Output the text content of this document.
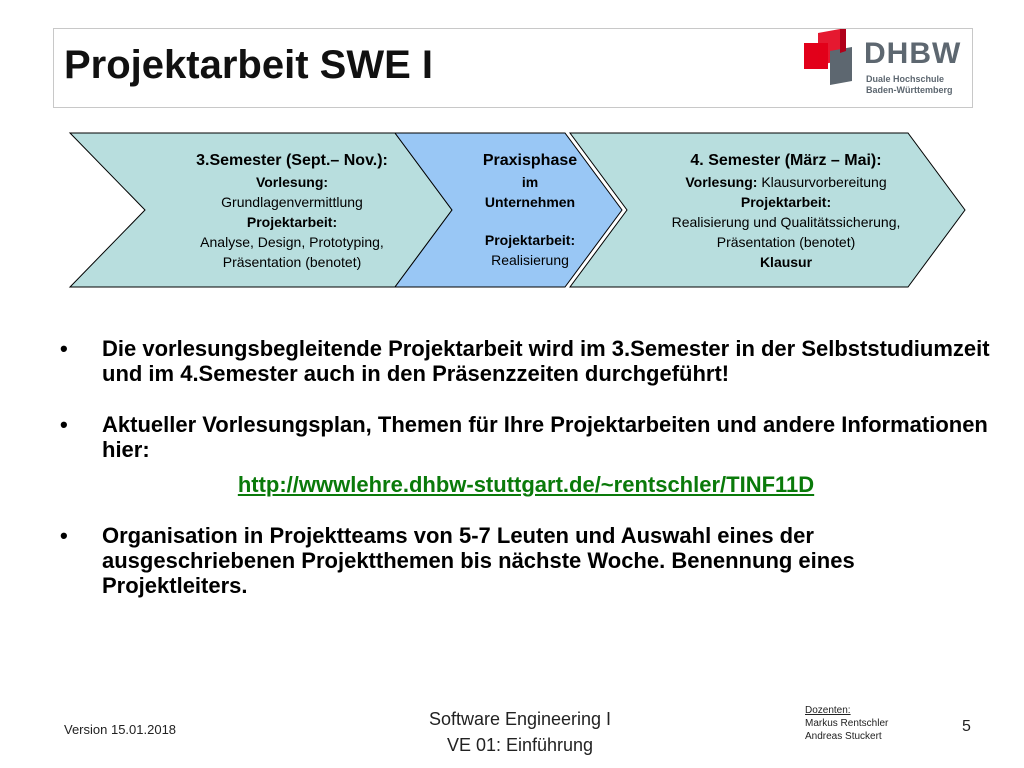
Projektarbeit SWE I	DHBW
Duale Hochschule
Baden-Württemberg
3.Semester (Sept.– Nov.):
Vorlesung:
Grundlagenvermittlung
Projektarbeit:
Analyse, Design, Prototyping,
Präsentation (benotet)
Praxisphase
im
Unternehmen
Projektarbeit:
Realisierung
4. Semester (März – Mai):
Vorlesung: Klausurvorbereitung
Projektarbeit:
Realisierung und Qualitätssicherung,
Präsentation (benotet)
Klausur
• Die vorlesungsbegleitende Projektarbeit wird im 3.Semester in der Selbststudiumzeit und im 4.Semester auch in den Präsenzzeiten durchgeführt!
• Aktueller Vorlesungsplan, Themen für Ihre Projektarbeiten und andere Informationen hier:
http://wwwlehre.dhbw-stuttgart.de/~rentschler/TINF11D
• Organisation in Projektteams von 5-7 Leuten und Auswahl eines der ausgeschriebenen Projektthemen bis nächste Woche. Benennung eines Projektleiters.
Version 15.01.2018
Software Engineering I
VE 01: Einführung
Dozenten:
Markus Rentschler
Andreas Stuckert
5
